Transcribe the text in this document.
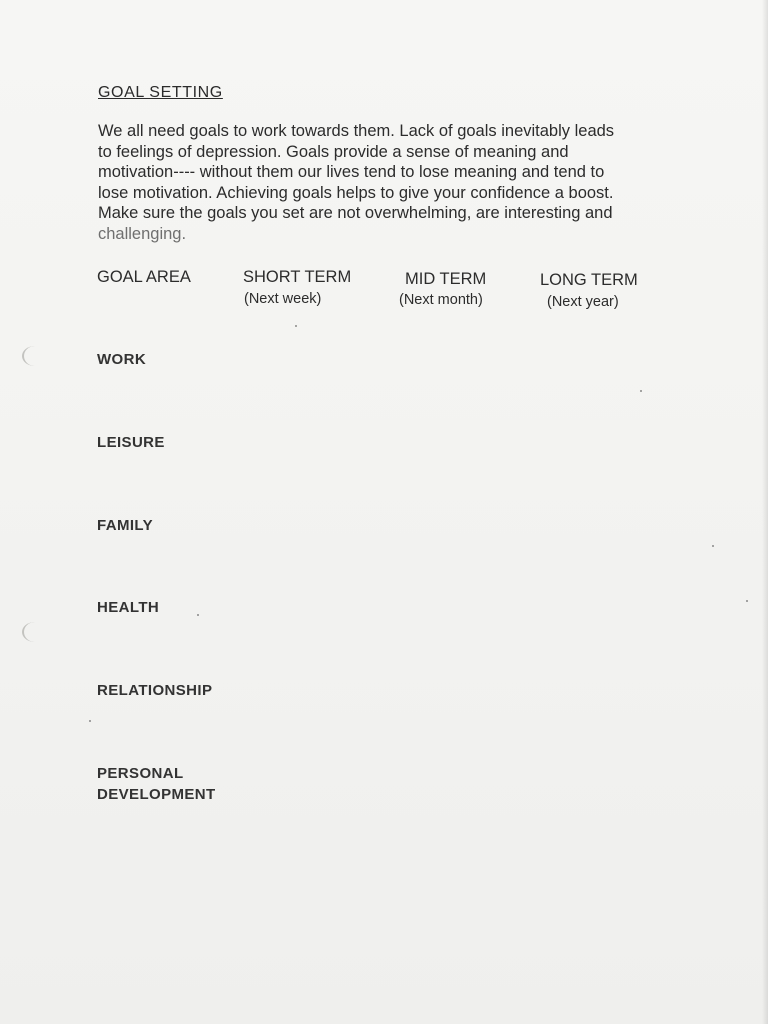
GOAL SETTING
We all need goals to work towards them. Lack of goals inevitably leads
to feelings of depression. Goals provide a sense of meaning and
motivation---- without them our lives tend to lose meaning and tend to
lose motivation. Achieving goals helps to give your confidence a boost.
Make sure the goals you set are not overwhelming, are interesting and
challenging.
GOAL AREA	SHORT TERM
(Next week)
MID TERM
(Next month)
LONG TERM
(Next year)
WORK
LEISURE
FAMILY
HEALTH
RELATIONSHIP
PERSONAL
DEVELOPMENT
